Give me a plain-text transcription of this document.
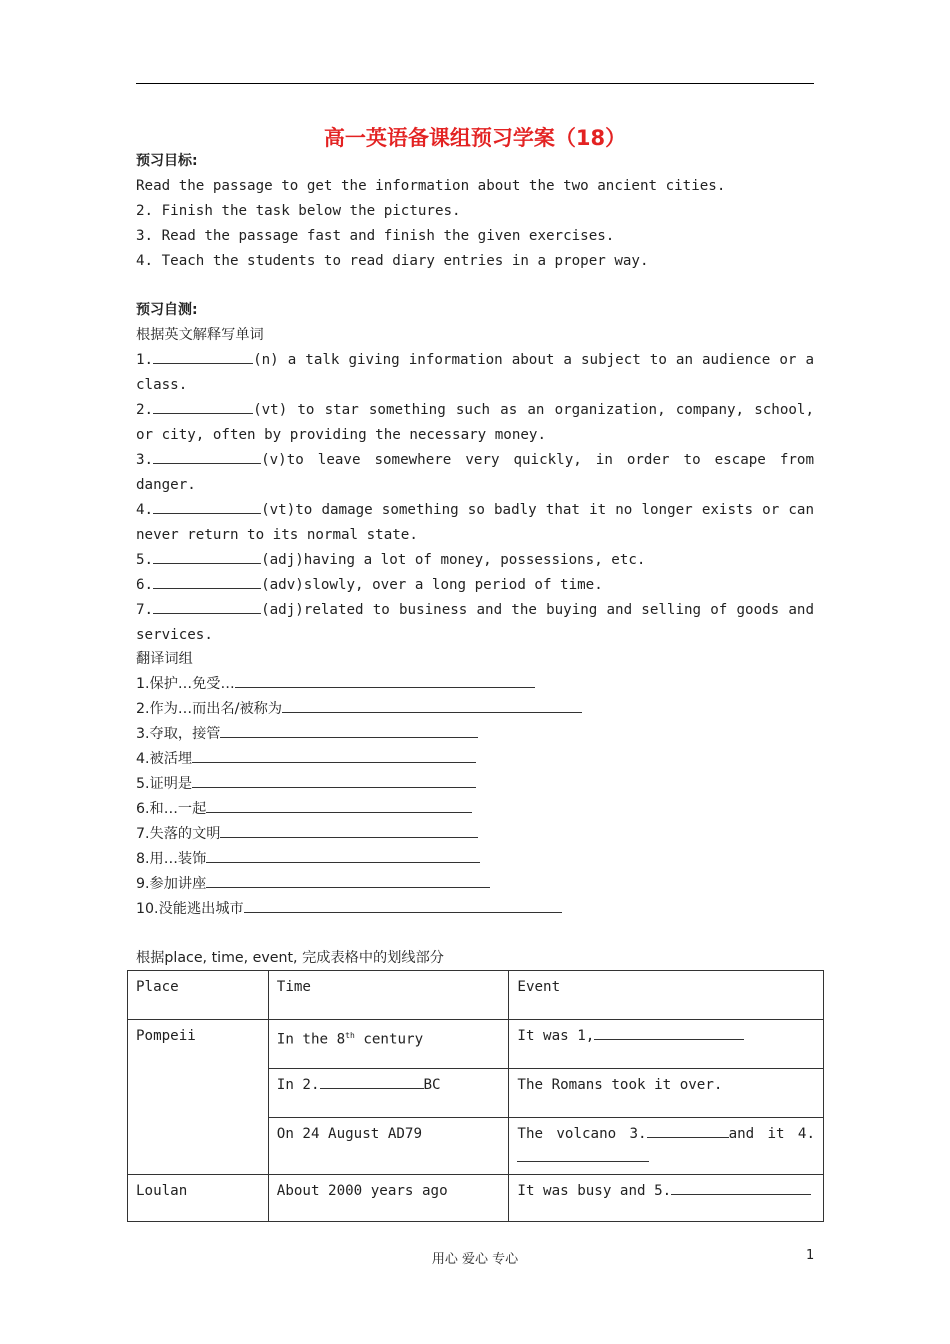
高一英语备课组预习学案（18）
预习目标:
Read the passage to get the information about the two ancient cities.
2. Finish the task below the pictures.
3. Read the passage fast and finish the given exercises.
4. Teach the students to read diary entries in a proper way.
预习自测:
根据英文解释写单词
1.	(n) a talk giving information about a subject to an audience or a class.
2.	(vt) to star something such as an organization, company, school, or city, often by providing the necessary money.
3.	(v)to leave somewhere very quickly, in order to escape from danger.
4.	(vt)to damage something so badly that it no longer exists or can never return to its normal state.
5.	(adj)having a lot of money, possessions, etc.
6.	(adv)slowly, over a long period of time.
7.	(adj)related to business and the buying and selling of goods and services.
翻译词组
1.保护…免受…
2.作为…而出名/被称为
3.夺取，接管
4.被活埋
5.证明是
6.和…一起
7.失落的文明
8.用…装饰
9.参加讲座
10.没能逃出城市
根据place, time, event, 完成表格中的划线部分
Place	Time	Event
Pompeii	In the 8th century	It was 1,
	In 2. BC	The Romans took it over.
	On 24 August AD79	The volcano 3. and it 4.
Loulan	About 2000 years ago	It was busy and 5.
用心 爱心 专心	1
